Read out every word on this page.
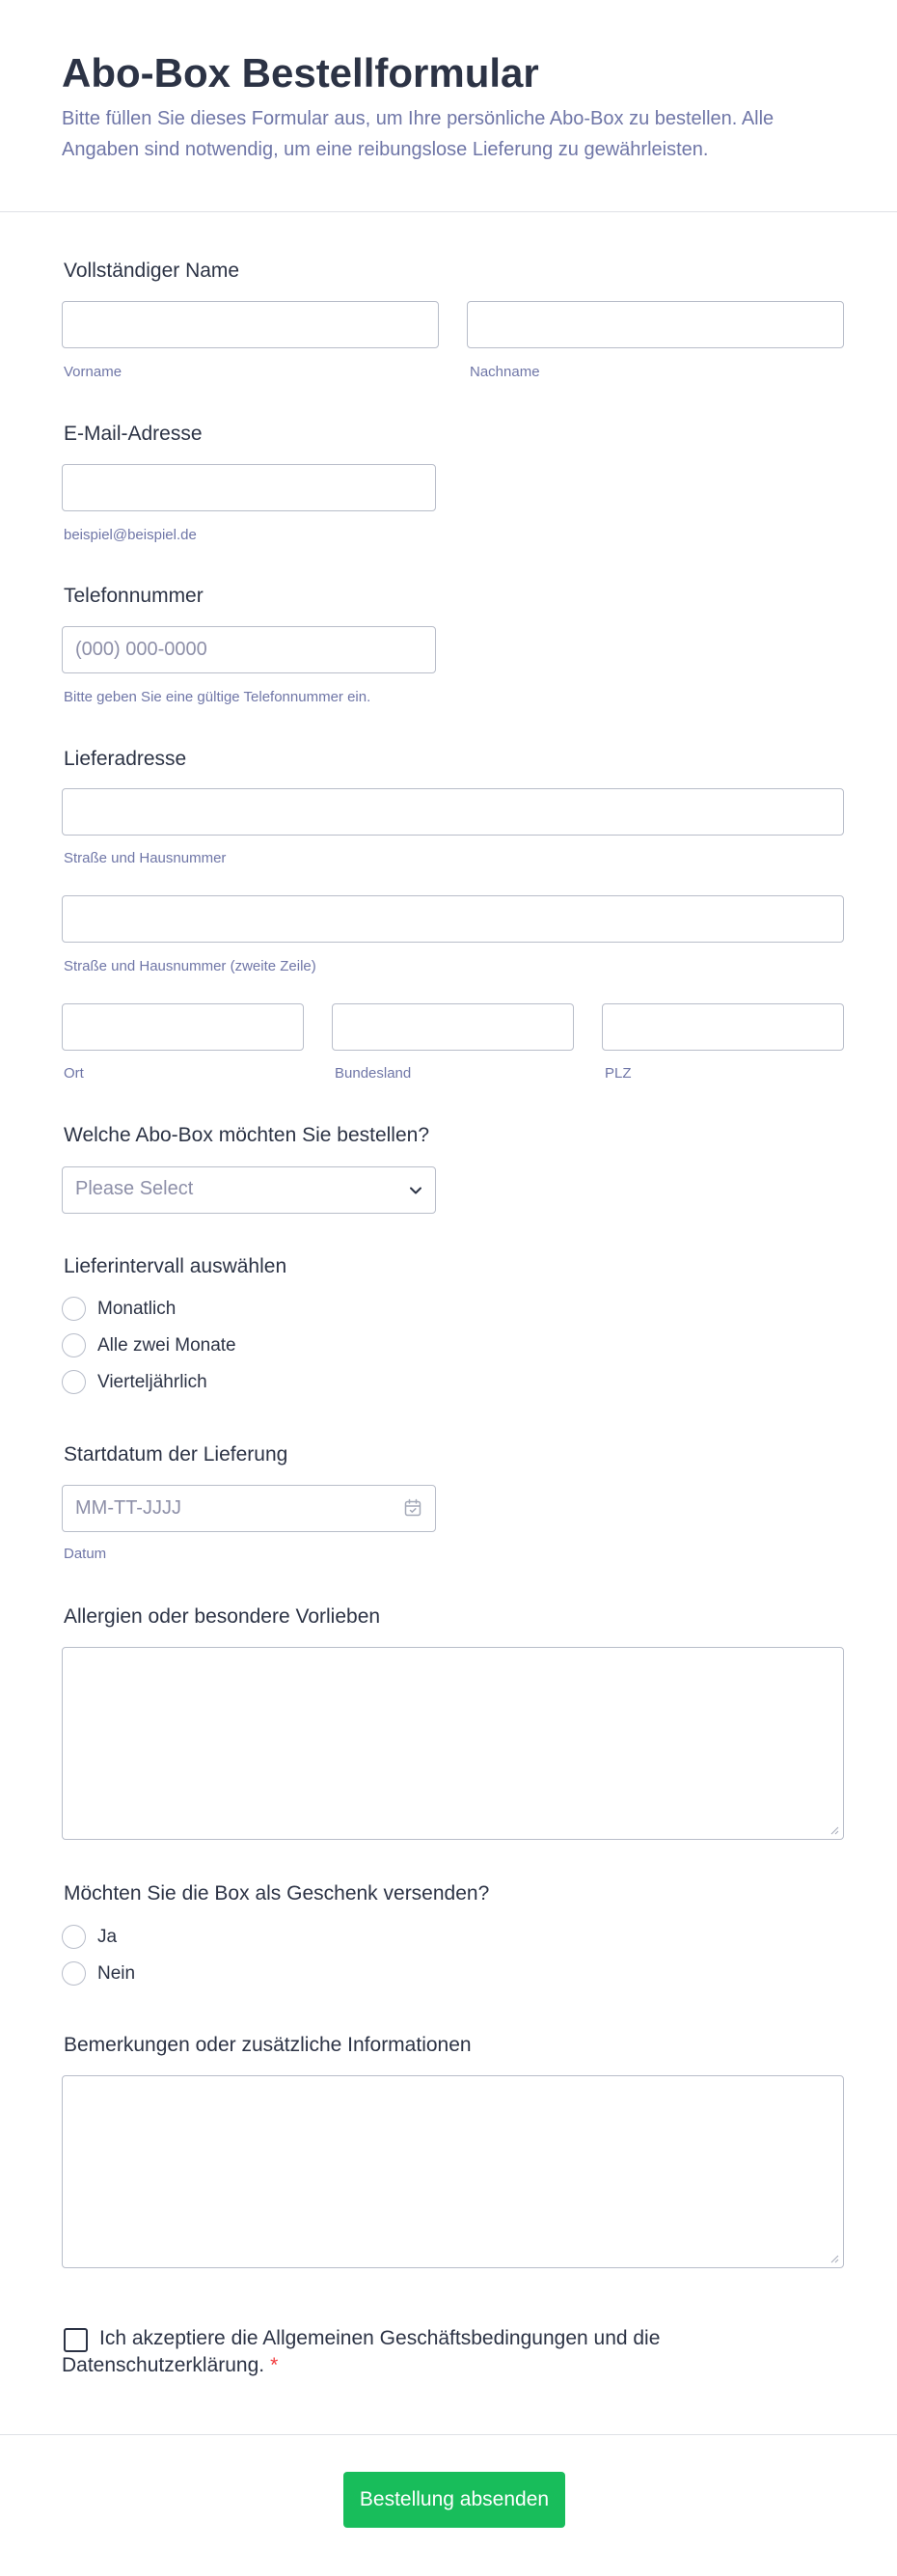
Abo-Box Bestellformular

Bitte füllen Sie dieses Formular aus, um Ihre persönliche Abo-Box zu bestellen. Alle Angaben sind notwendig, um eine reibungslose Lieferung zu gewährleisten.

Vollständiger Name
Vorname	Nachname
E-Mail-Adresse
beispiel@beispiel.de
Telefonnummer
(000) 000-0000
Bitte geben Sie eine gültige Telefonnummer ein.
Lieferadresse
Straße und Hausnummer
Straße und Hausnummer (zweite Zeile)
Ort	Bundesland	PLZ
Welche Abo-Box möchten Sie bestellen?
Please Select
Lieferintervall auswählen
Monatlich
Alle zwei Monate
Vierteljährlich
Startdatum der Lieferung
MM-TT-JJJJ
Datum
Allergien oder besondere Vorlieben
Möchten Sie die Box als Geschenk versenden?
Ja
Nein
Bemerkungen oder zusätzliche Informationen
Ich akzeptiere die Allgemeinen Geschäftsbedingungen und die Datenschutzerklärung. *
Bestellung absenden
